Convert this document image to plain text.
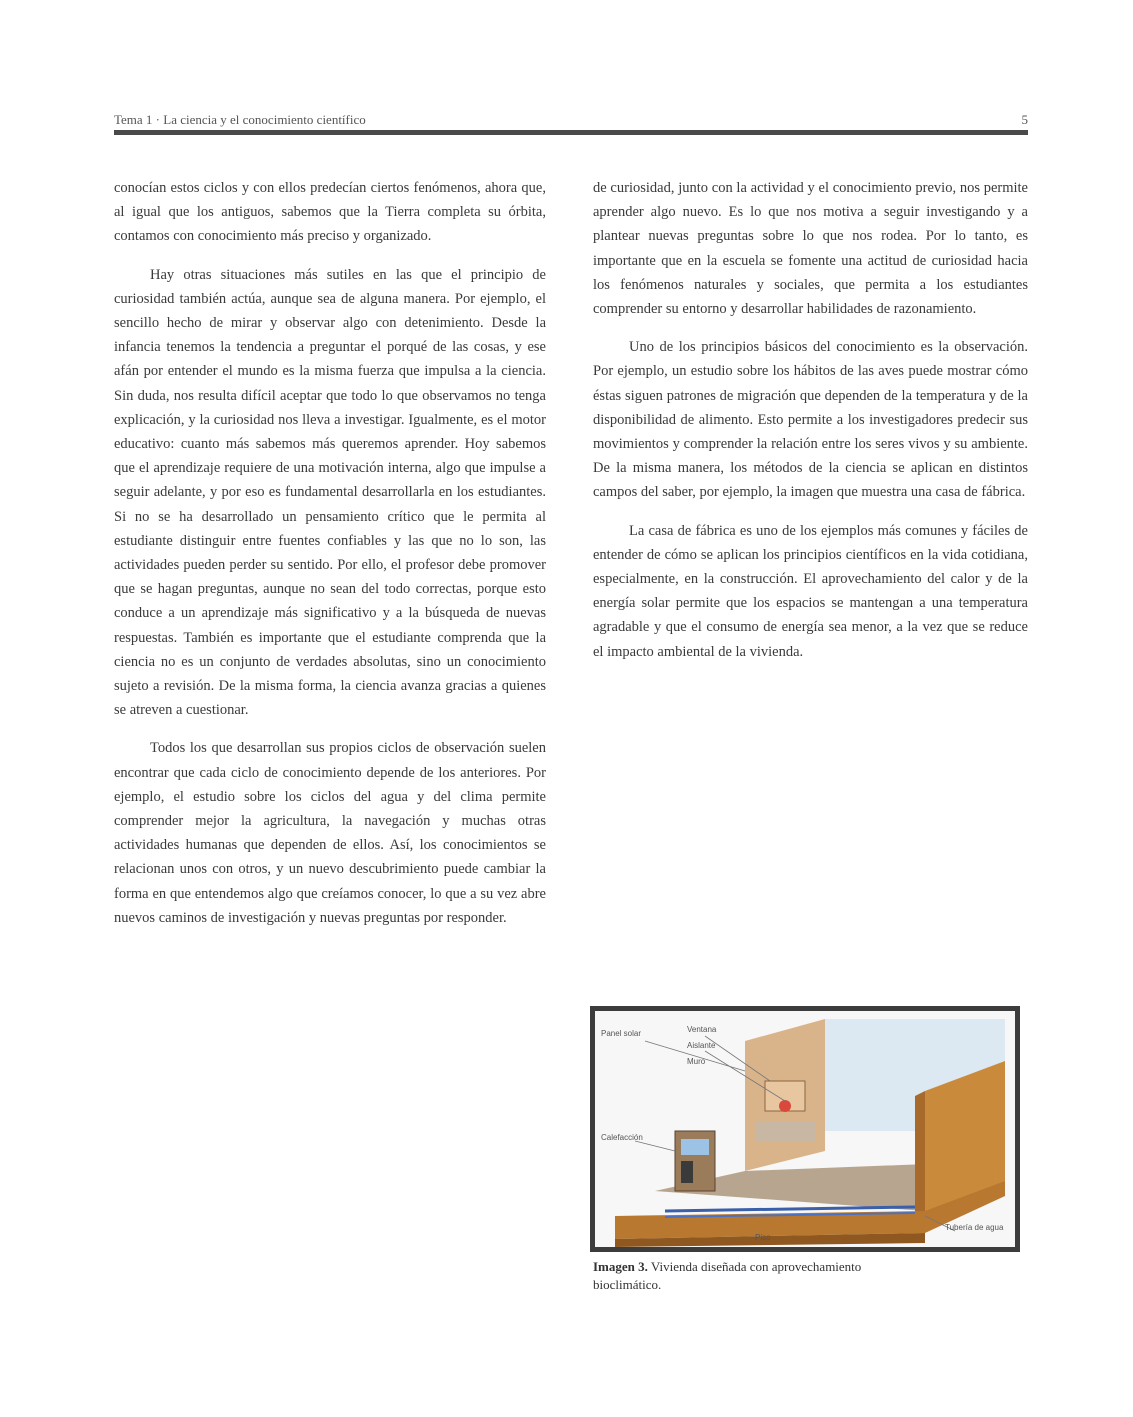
Tema 1 · La ciencia y el conocimiento científico	5

conocían estos ciclos y con ellos predecían ciertos fenómenos, ahora que, al igual que los antiguos, sabemos que la Tierra completa su órbita, contamos con conocimiento más preciso y organizado.

Hay otras situaciones más sutiles en las que el principio de curiosidad también actúa, aunque sea de alguna manera. Por ejemplo, el sencillo hecho de mirar y observar algo con detenimiento. Desde la infancia tenemos la tendencia a preguntar el porqué de las cosas, y ese afán por entender el mundo es la misma fuerza que impulsa a la ciencia. Sin duda, nos resulta difícil aceptar que todo lo que observamos no tenga explicación, y la curiosidad nos lleva a investigar. Igualmente, es el motor educativo: cuanto más sabemos más queremos aprender. Hoy sabemos que el aprendizaje requiere de una motivación interna, algo que impulse a seguir adelante, y por eso es fundamental desarrollarla en los estudiantes. Si no se ha desarrollado un pensamiento crítico que le permita al estudiante distinguir entre fuentes confiables y las que no lo son, las actividades pueden perder su sentido. Por ello, el profesor debe promover que se hagan preguntas, aunque no sean del todo correctas, porque esto conduce a un aprendizaje más significativo y a la búsqueda de nuevas respuestas. También es importante que el estudiante comprenda que la ciencia no es un conjunto de verdades absolutas, sino un conocimiento sujeto a revisión. De la misma forma, la ciencia avanza gracias a quienes se atreven a cuestionar.

Todos los que desarrollan sus propios ciclos de observación suelen encontrar que cada ciclo de conocimiento depende de los anteriores. Por ejemplo, el estudio sobre los ciclos del agua y del clima permite comprender mejor la agricultura, la navegación y muchas otras actividades humanas que dependen de ellos. Así, los conocimientos se relacionan unos con otros, y un nuevo descubrimiento puede cambiar la forma en que entendemos algo que creíamos conocer, lo que a su vez abre nuevos caminos de investigación y nuevas preguntas por responder.

de curiosidad, junto con la actividad y el conocimiento previo, nos permite aprender algo nuevo. Es lo que nos motiva a seguir investigando y a plantear nuevas preguntas sobre lo que nos rodea. Por lo tanto, es importante que en la escuela se fomente una actitud de curiosidad hacia los fenómenos naturales y sociales, que permita a los estudiantes comprender su entorno y desarrollar habilidades de razonamiento.

Uno de los principios básicos del conocimiento es la observación. Por ejemplo, un estudio sobre los hábitos de las aves puede mostrar cómo éstas siguen patrones de migración que dependen de la temperatura y de la disponibilidad de alimento. Esto permite a los investigadores predecir sus movimientos y comprender la relación entre los seres vivos y su ambiente. De la misma manera, los métodos de la ciencia se aplican en distintos campos del saber, por ejemplo, la imagen que muestra una casa de fábrica.

La casa de fábrica es uno de los ejemplos más comunes y fáciles de entender de cómo se aplican los principios científicos en la vida cotidiana, especialmente, en la construcción. El aprovechamiento del calor y de la energía solar permite que los espacios se mantengan a una temperatura agradable y que el consumo de energía sea menor, a la vez que se reduce el impacto ambiental de la vivienda.

Panel solar	Ventana
Aislante
Muro
Calefacción
Piso
Tubería de agua
Imagen 3. Vivienda diseñada con aprovechamiento bioclimático.
